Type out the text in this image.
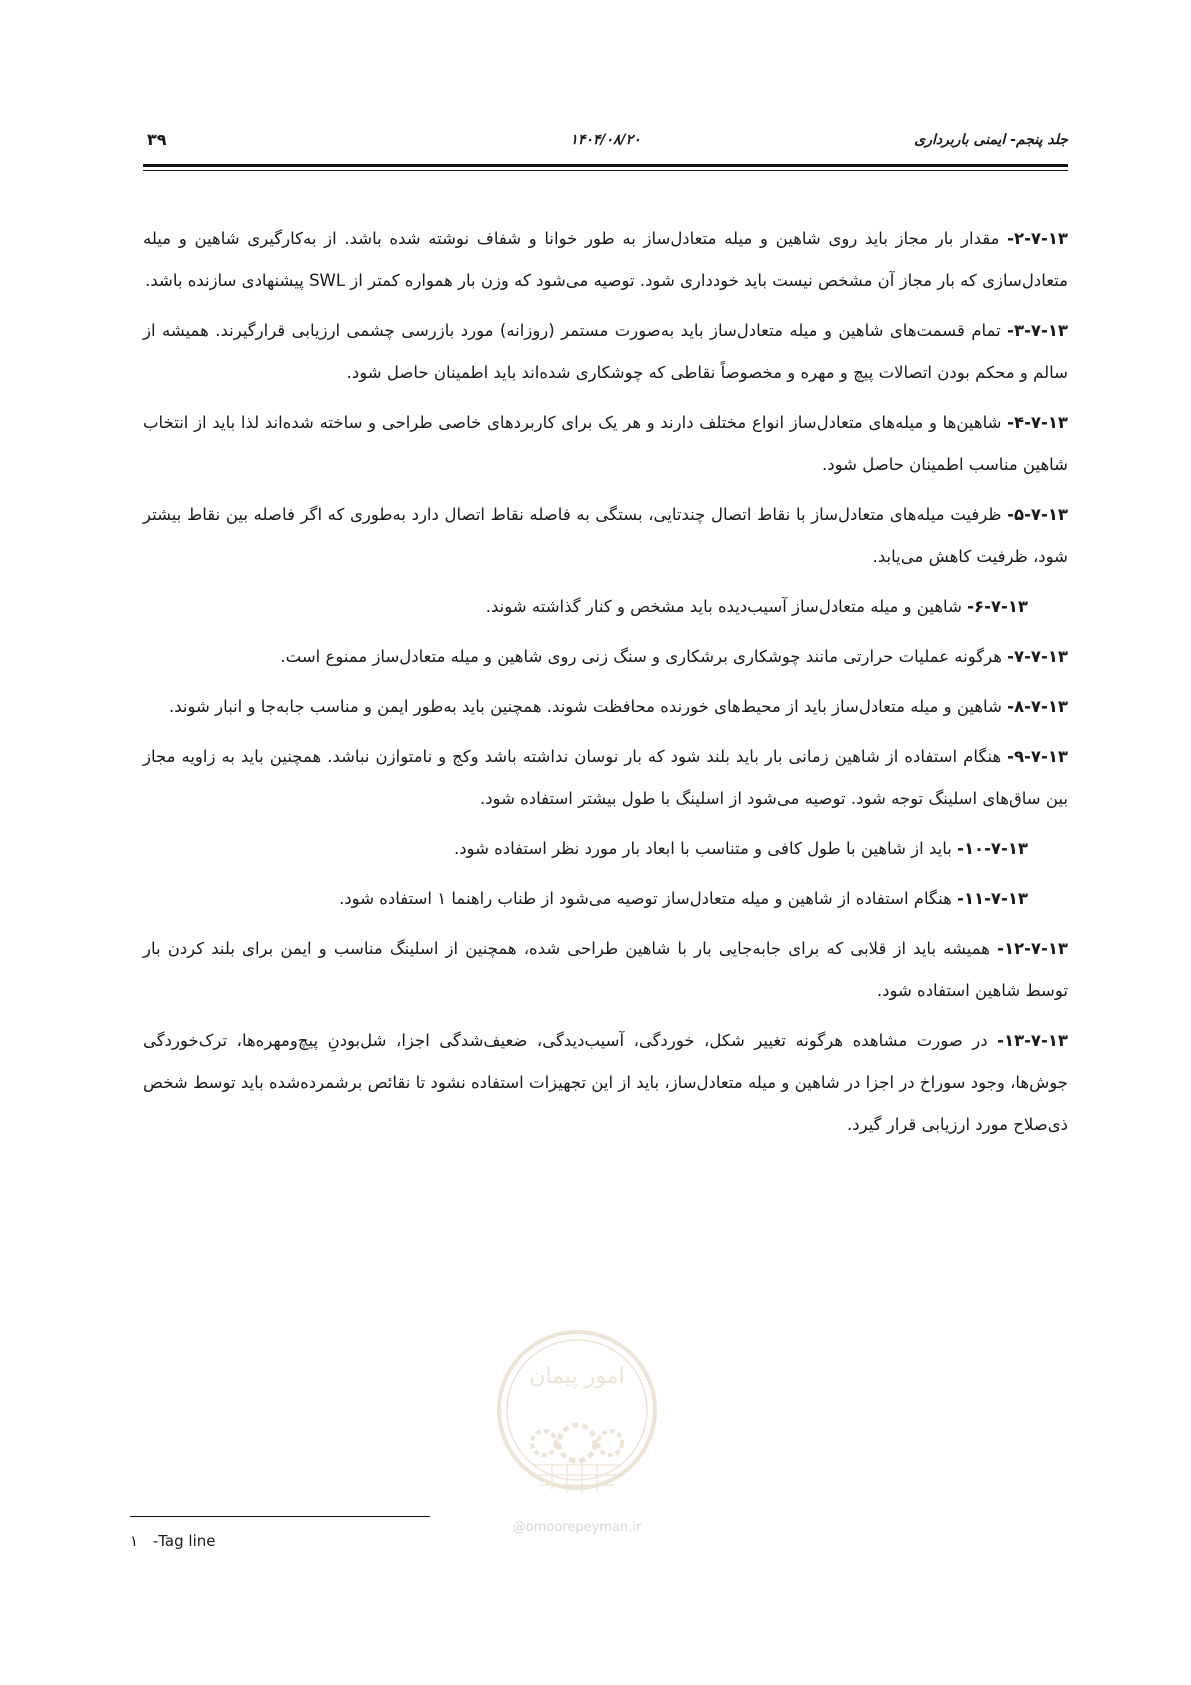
جلد پنجم- ایمنی باربرداری
۱۴۰۴/۰۸/۲۰
۳۹

۲-۷-۱۳- مقدار بار مجاز باید روی شاهین و میله متعادل‌ساز به طور خوانا و شفاف نوشته شده باشد. از به‌کارگیری شاهین و میله متعادل‌سازی که بار مجاز آن مشخص نیست باید خودداری شود. توصیه می‌شود که وزن بار همواره کمتر از SWL پیشنهادی سازنده باشد.

۳-۷-۱۳- تمام قسمت‌های شاهین و میله متعادل‌ساز باید به‌صورت مستمر (روزانه) مورد بازرسی چشمی ارزیابی قرارگیرند. همیشه از سالم و محکم بودن اتصالات پیچ و مهره و مخصوصاً نقاطی که چوشکاری شده‌اند باید اطمینان حاصل شود.

۴-۷-۱۳- شاهین‌ها و میله‌های متعادل‌ساز انواع مختلف دارند و هر یک برای کاربردهای خاصی طراحی و ساخته شده‌اند لذا باید از انتخاب شاهین مناسب اطمینان حاصل شود.

۵-۷-۱۳- ظرفیت میله‌های متعادل‌ساز با نقاط اتصال چندتایی، بستگی به فاصله نقاط اتصال دارد به‌طوری که اگر فاصله بین نقاط بیشتر شود، ظرفیت کاهش می‌یابد.

۶-۷-۱۳- شاهین و میله متعادل‌ساز آسیب‌دیده باید مشخص و کنار گذاشته شوند.

۷-۷-۱۳- هرگونه عملیات حرارتی مانند چوشکاری برشکاری و سنگ زنی روی شاهین و میله متعادل‌ساز ممنوع است.

۸-۷-۱۳- شاهین و میله متعادل‌ساز باید از محیط‌های خورنده محافظت شوند. همچنین باید به‌طور ایمن و مناسب جابه‌جا و انبار شوند.

۹-۷-۱۳- هنگام استفاده از شاهین زمانی بار باید بلند شود که بار نوسان نداشته باشد وکج و نامتوازن نباشد. همچنین باید به زاویه مجاز بین ساق‌های اسلینگ توجه شود. توصیه می‌شود از اسلینگ با طول بیشتر استفاده شود.

۱۰-۷-۱۳- باید از شاهین با طول کافی و متناسب با ابعاد بار مورد نظر استفاده شود.

۱۱-۷-۱۳- هنگام استفاده از شاهین و میله متعادل‌ساز توصیه می‌شود از طناب راهنما ۱ استفاده شود.

۱۲-۷-۱۳- همیشه باید از قلابی که برای جابه‌جایی بار با شاهین طراحی شده، همچنین از اسلینگ مناسب و ایمن برای بلند کردن بار توسط شاهین استفاده شود.

۱۳-۷-۱۳- در صورت مشاهده هرگونه تغییر شکل، خوردگی، آسیب‌دیدگی، ضعیف‌شدگی اجزا، شل‌بودنِ پیچ‌ومهره‌ها، ترک‌خوردگی جوش‌ها، وجود سوراخ در اجزا در شاهین و میله متعادل‌ساز، باید از این تجهیزات استفاده نشود تا نقائص برشمرده‌شده باید توسط شخص ذی‌صلاح مورد ارزیابی قرار گیرد.

امور پیمان
@omoorepeyman.ir
۱ -Tag line
